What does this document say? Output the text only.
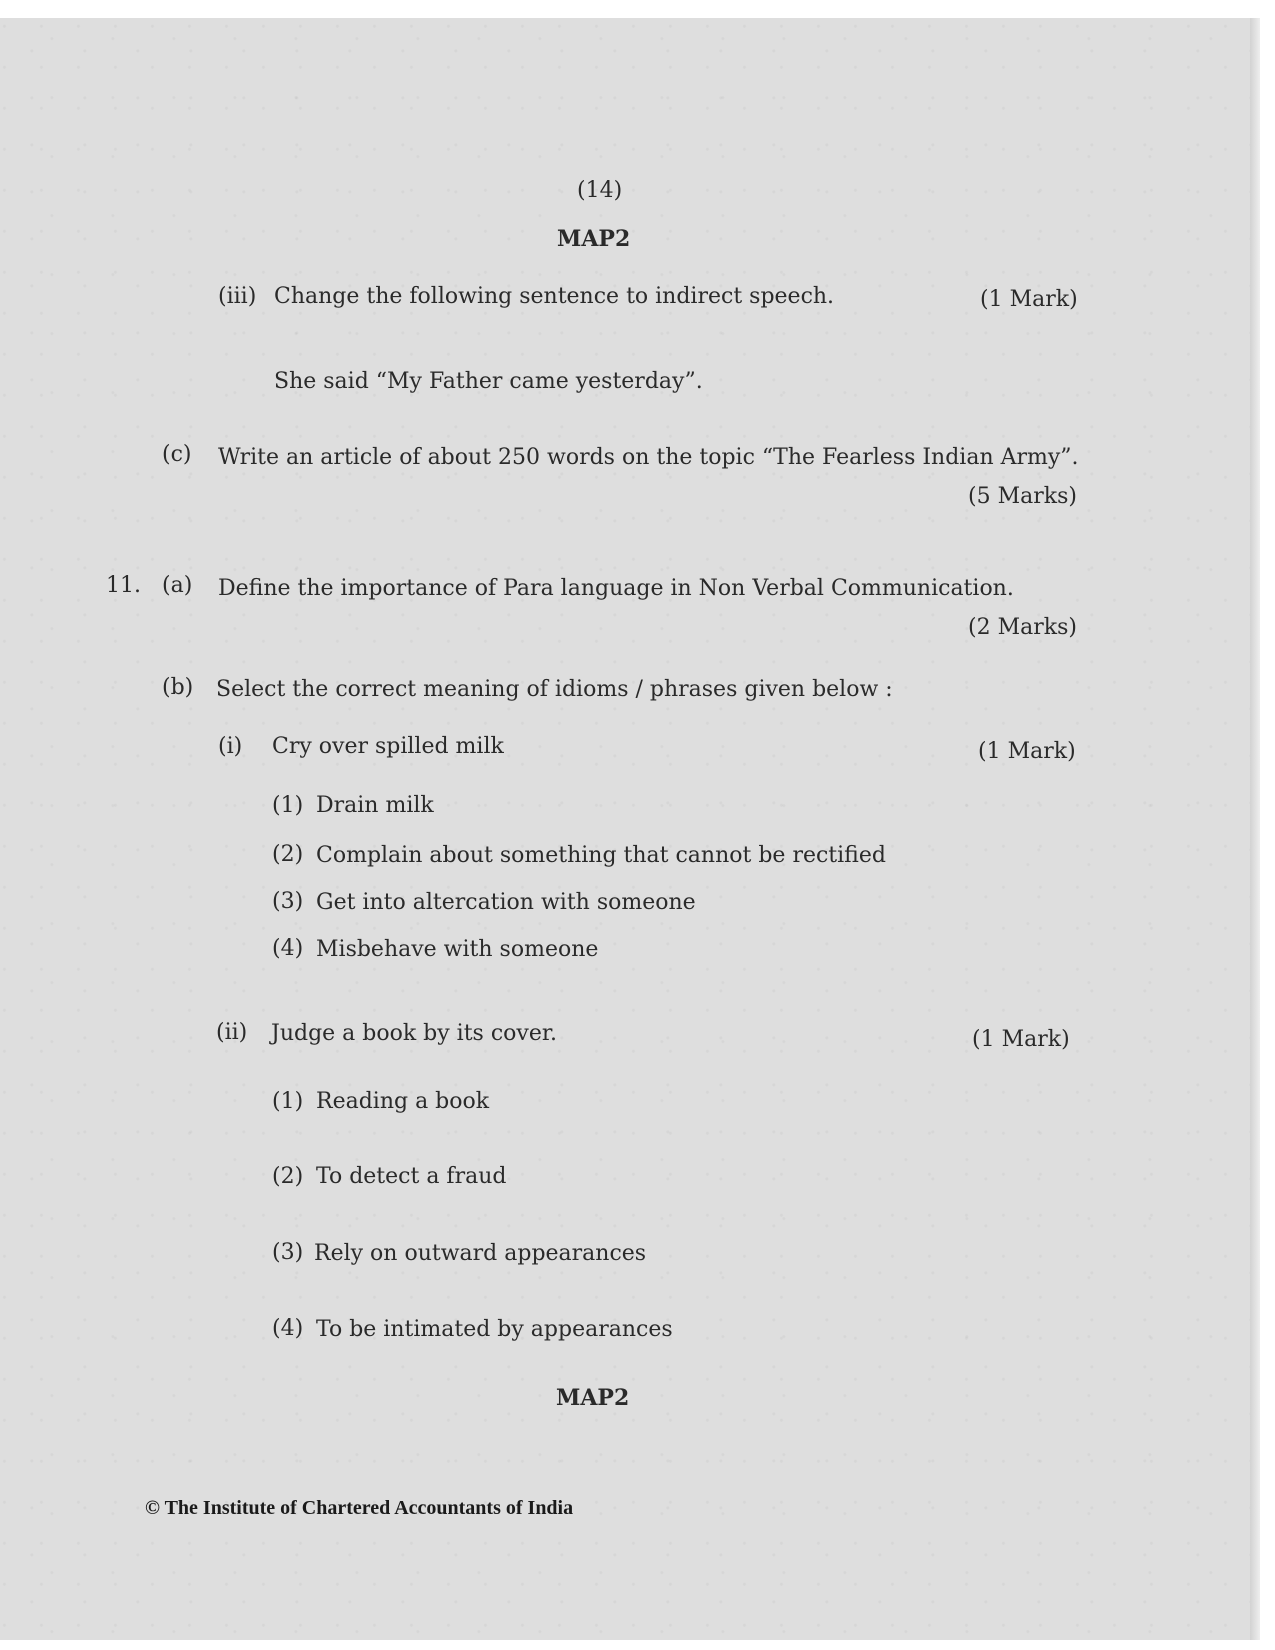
(14)
MAP2
(iii) Change the following sentence to indirect speech.	(1 Mark)
She said “My Father came yesterday”.
(c) Write an article of about 250 words on the topic “The Fearless Indian Army”.
(5 Marks)
11. (a) Define the importance of Para language in Non Verbal Communication.
(2 Marks)
(b) Select the correct meaning of idioms / phrases given below :
(i) Cry over spilled milk	(1 Mark)
(1) Drain milk
(2) Complain about something that cannot be rectified
(3) Get into altercation with someone
(4) Misbehave with someone
(ii) Judge a book by its cover.	(1 Mark)
(1) Reading a book
(2) To detect a fraud
(3) Rely on outward appearances
(4) To be intimated by appearances
MAP2
© The Institute of Chartered Accountants of India
